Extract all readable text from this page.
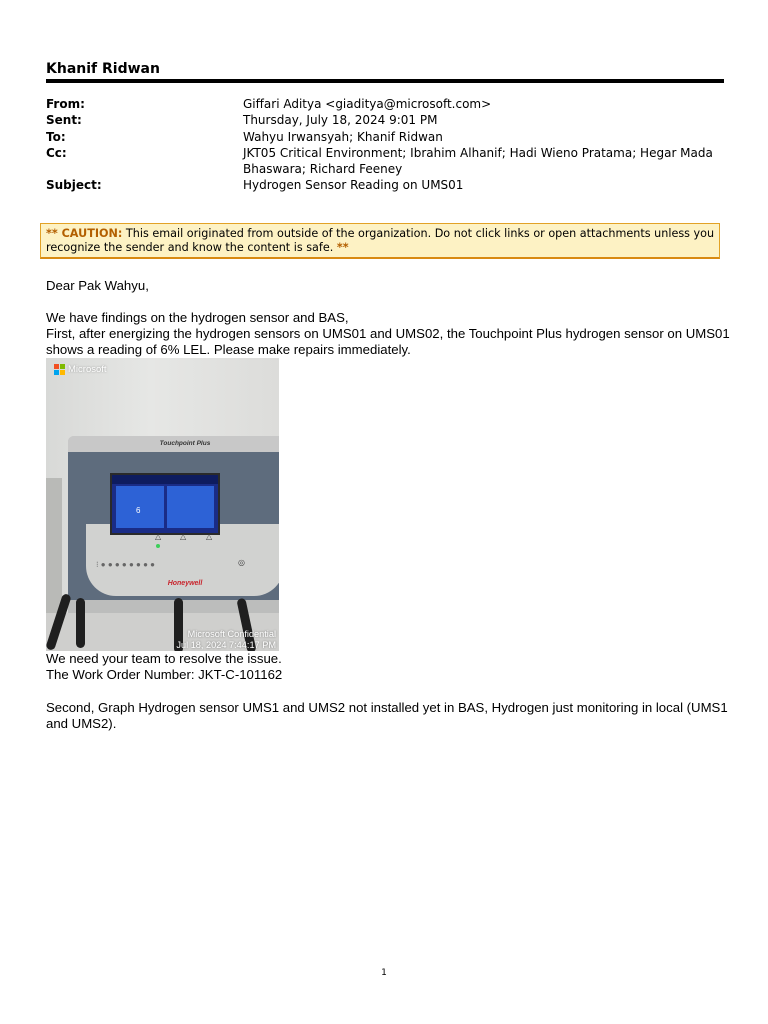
Khanif Ridwan
From:	Giffari Aditya <giaditya@microsoft.com>
Sent:	Thursday, July 18, 2024 9:01 PM
To:	Wahyu Irwansyah; Khanif Ridwan
Cc:	JKT05 Critical Environment; Ibrahim Alhanif; Hadi Wieno Pratama; Hegar Mada Bhaswara; Richard Feeney
Subject:	Hydrogen Sensor Reading on UMS01
** CAUTION: This email originated from outside of the organization. Do not click links or open attachments unless you recognize the sender and know the content is safe. **
Dear Pak Wahyu,
We have findings on the hydrogen sensor and BAS,
First, after energizing the hydrogen sensors on UMS01 and UMS02, the Touchpoint Plus hydrogen sensor on UMS01 shows a reading of 6% LEL. Please make repairs immediately.
Microsoft
Touchpoint Plus
6
△ △ △
⁝ ● ● ● ● ● ● ● ●	◎
Honeywell
Microsoft Confidential
Jul 18, 2024 7:44:17 PM
We need your team to resolve the issue.
The Work Order Number: JKT-C-101162
Second, Graph Hydrogen sensor UMS1 and UMS2 not installed yet in BAS, Hydrogen just monitoring in local (UMS1 and UMS2).
1
